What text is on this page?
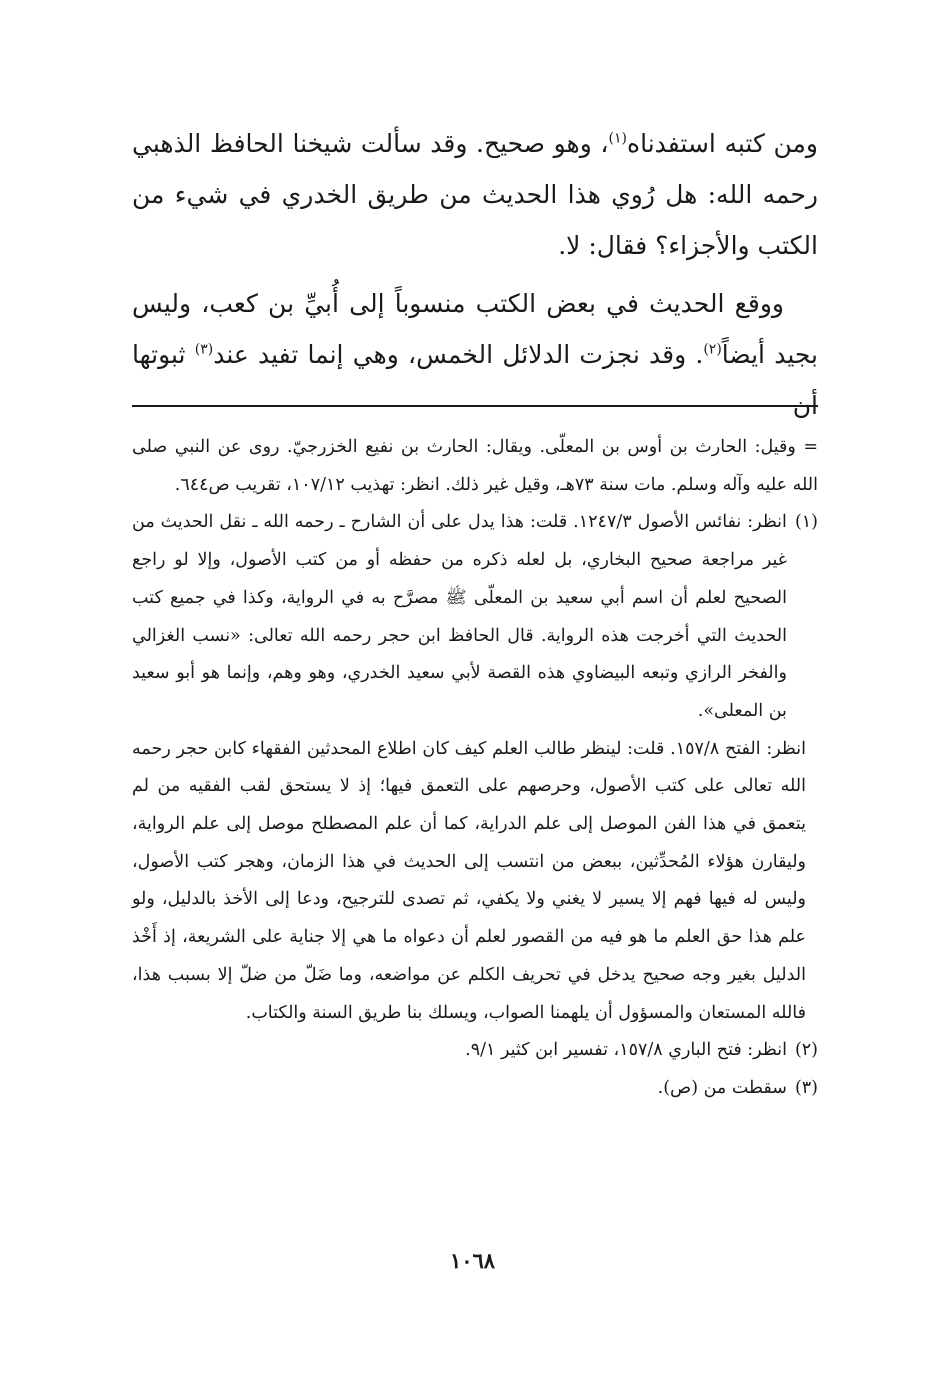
ومن كتبه استفدناه$^{(١)}$، وهو صحيح. وقد سألت شيخنا الحافظ الذهبي رحمه الله: هل رُوي هذا الحديث من طريق الخدري في شيء من الكتب والأجزاء؟ فقال: لا.

ووقع الحديث في بعض الكتب منسوباً إلى أُبيِّ بن كعب، وليس بجيد أيضاً$^{(٢)}$. وقد نجزت الدلائل الخمس، وهي إنما تفيد عند$^{(٣)}$ ثبوتها أن

= وقيل: الحارث بن أوس بن المعلّى. ويقال: الحارث بن نفيع الخزرجيّ. روى عن النبي صلى الله عليه وآله وسلم. مات سنة ٧٣هـ، وقيل غير ذلك. انظر: تهذيب ١٠٧/١٢، تقريب ص٦٤٤.

(١)
انظر: نفائس الأصول ١٢٤٧/٣. قلت: هذا يدل على أن الشارح ـ رحمه الله ـ نقل الحديث من غير مراجعة صحيح البخاري، بل لعله ذكره من حفظه أو من كتب الأصول، وإلا لو راجع الصحيح لعلم أن اسم أبي سعيد بن المعلّى ﷺ مصرَّح به في الرواية، وكذا في جميع كتب الحديث التي أخرجت هذه الرواية. قال الحافظ ابن حجر رحمه الله تعالى: «نسب الغزالي والفخر الرازي وتبعه البيضاوي هذه القصة لأبي سعيد الخدري، وهو وهم، وإنما هو أبو سعيد بن المعلى».

انظر: الفتح ١٥٧/٨. قلت: لينظر طالب العلم كيف كان اطلاع المحدثين الفقهاء كابن حجر رحمه الله تعالى على كتب الأصول، وحرصهم على التعمق فيها؛ إذ لا يستحق لقب الفقيه من لم يتعمق في هذا الفن الموصل إلى علم الدراية، كما أن علم المصطلح موصل إلى علم الرواية، وليقارن هؤلاء المُحدِّثين، ببعض من انتسب إلى الحديث في هذا الزمان، وهجر كتب الأصول، وليس له فيها فهم إلا يسير لا يغني ولا يكفي، ثم تصدى للترجيح، ودعا إلى الأخذ بالدليل، ولو علم هذا حق العلم ما هو فيه من القصور لعلم أن دعواه ما هي إلا جناية على الشريعة، إذ أَخْذ الدليل بغير وجه صحيح يدخل في تحريف الكلم عن مواضعه، وما ضَلّ من ضلّ إلا بسبب هذا، فالله المستعان والمسؤول أن يلهمنا الصواب، ويسلك بنا طريق السنة والكتاب.

(٢)
انظر: فتح الباري ١٥٧/٨، تفسير ابن كثير ٩/١.
(٣)
سقطت من (ص).
١٠٦٨
